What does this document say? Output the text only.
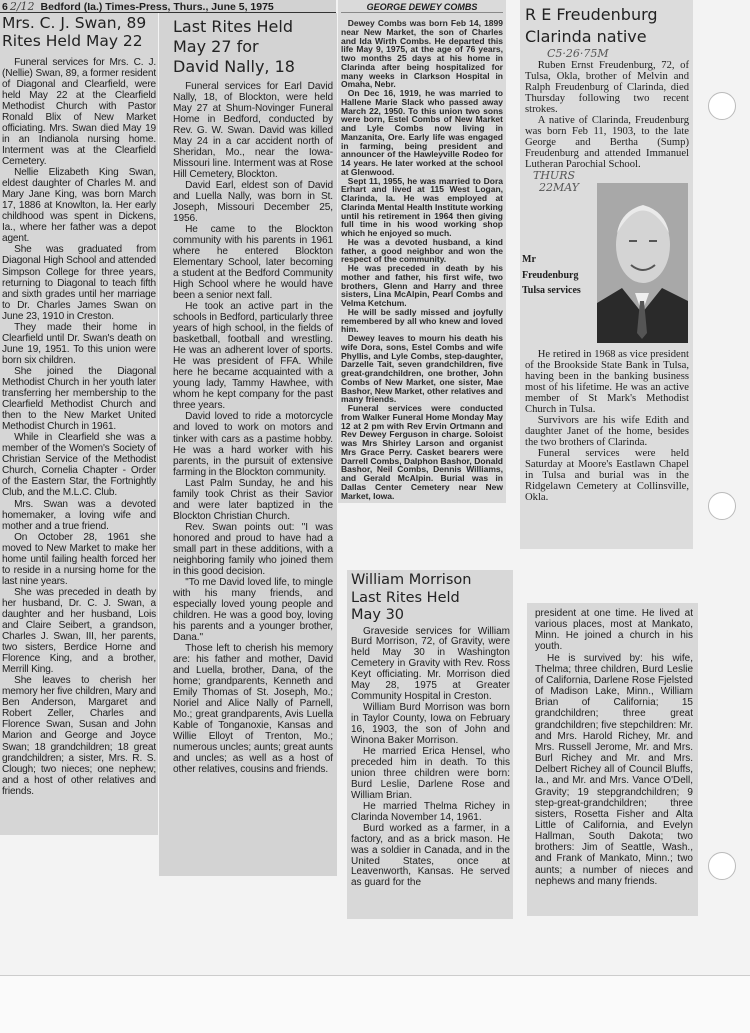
6 2/12 Bedford (Ia.) Times-Press, Thurs., June 5, 1975
Mrs. C. J. Swan, 89
Rites Held May 22

Funeral services for Mrs. C. J. (Nellie) Swan, 89, a former resident of Diagonal and Clearfield, were held May 22 at the Clearfield Methodist Church with Pastor Ronald Blix of New Market officiating. Mrs. Swan died May 19 in an Indianola nursing home. Interment was at the Clearfield Cemetery.

Nellie Elizabeth King Swan, eldest daughter of Charles M. and Mary Jane King, was born March 17, 1886 at Knowlton, Ia. Her early childhood was spent in Dickens, Ia., where her father was a depot agent.

She was graduated from Diagonal High School and attended Simpson College for three years, returning to Diagonal to teach fifth and sixth grades until her marriage to Dr. Charles James Swan on June 23, 1910 in Creston.

They made their home in Clearfield until Dr. Swan's death on June 19, 1951. To this union were born six children.

She joined the Diagonal Methodist Church in her youth later transferring her membership to the Clearfield Methodist Church and then to the New Market United Methodist Church in 1961.

While in Clearfield she was a member of the Women's Society of Christian Service of the Methodist Church, Cornelia Chapter - Order of the Eastern Star, the Fortnightly Club, and the M.L.C. Club.

Mrs. Swan was a devoted homemaker, a loving wife and mother and a true friend.

On October 28, 1961 she moved to New Market to make her home until failing health forced her to reside in a nursing home for the last nine years.

She was preceded in death by her husband, Dr. C. J. Swan, a daughter and her husband, Lois and Claire Seibert, a grandson, Charles J. Swan, III, her parents, two sisters, Berdice Horne and Florence King, and a brother, Merrill King.

She leaves to cherish her memory her five children, Mary and Ben Anderson, Margaret and Robert Zeller, Charles and Florence Swan, Susan and John Marion and George and Joyce Swan; 18 grandchildren; 18 great grandchildren; a sister, Mrs. R. S. Clough; two nieces; one nephew; and a host of other relatives and friends.

Last Rites Held
May 27 for
David Nally, 18

Funeral services for Earl David Nally, 18, of Blockton, were held May 27 at Shum-Novinger Funeral Home in Bedford, conducted by Rev. G. W. Swan. David was killed May 24 in a car accident north of Sheridan, Mo., near the Iowa-Missouri line. Interment was at Rose Hill Cemetery, Blockton.

David Earl, eldest son of David and Luella Nally, was born in St. Joseph, Missouri December 25, 1956.

He came to the Blockton community with his parents in 1961 where he entered Blockton Elementary School, later becoming a student at the Bedford Community High School where he would have been a senior next fall.

He took an active part in the schools in Bedford, particularly three years of high school, in the fields of basketball, football and wrestling. He was an adherent lover of sports. He was president of FFA. While here he became acquainted with a young lady, Tammy Hawhee, with whom he kept company for the past three years.

David loved to ride a motorcycle and loved to work on motors and tinker with cars as a pastime hobby. He was a hard worker with his parents, in the pursuit of extensive farming in the Blockton community.

Last Palm Sunday, he and his family took Christ as their Savior and were later baptized in the Blockton Christian Church.

Rev. Swan points out: ''I was honored and proud to have had a small part in these additions, with a neighboring family who joined them in this good decision.

''To me David loved life, to mingle with his many friends, and especially loved young people and children. He was a good boy, loving his parents and a younger brother, Dana.''

Those left to cherish his memory are: his father and mother, David and Luella, brother, Dana, of the home; grandparents, Kenneth and Emily Thomas of St. Joseph, Mo.; Noriel and Alice Nally of Parnell, Mo.; great grandparents, Avis Luella Kable of Tonganoxie, Kansas and Willie Elloyt of Trenton, Mo.; numerous uncles; aunts; great aunts and uncles; as well as a host of other relatives, cousins and friends.

GEORGE DEWEY COMBS

Dewey Combs was born Feb 14, 1899 near New Market, the son of Charles and Ida Wirth Combs. He departed this life May 9, 1975, at the age of 76 years, two months 25 days at his home in Clarinda after being hospitalized for many weeks in Clarkson Hospital in Omaha, Nebr.

On Dec 16, 1919, he was married to Hallene Marie Slack who passed away March 22, 1950. To this union two sons were born, Estel Combs of New Market and Lyle Combs now living in Manzanita, Ore. Early life was engaged in farming, being president and announcer of the Hawleyville Rodeo for 14 years. He later worked at the school at Glenwood.

Sept 11, 1955, he was married to Dora Erhart and lived at 115 West Logan, Clarinda, Ia. He was employed at Clarinda Mental Health Institute working until his retirement in 1964 then giving full time in his wood working shop which he enjoyed so much.

He was a devoted husband, a kind father, a good neighbor and won the respect of the community.

He was preceded in death by his mother and father, his first wife, two brothers, Glenn and Harry and three sisters, Lina McAlpin, Pearl Combs and Velma Ketchum.

He will be sadly missed and joyfully remembered by all who knew and loved him.

Dewey leaves to mourn his death his wife Dora, sons, Estel Combs and wife Phyllis, and Lyle Combs, step-daughter, Darzelle Tait, seven grandchildren, five great-grandchildren, one brother, John Combs of New Market, one sister, Mae Bashor, New Market, other relatives and many friends.

Funeral services were conducted from Walker Funeral Home Monday May 12 at 2 pm with Rev Ervin Ortmann and Rev Dewey Ferguson in charge. Soloist was Mrs Shirley Larson and organist Mrs Grace Perry. Casket bearers were Darrell Combs, Dalphon Bashor, Donald Bashor, Neil Combs, Dennis Williams, and Gerald McAlpin. Burial was in Dallas Center Cemetery near New Market, Iowa.

R E Freudenburg
Clarinda native
C5·26·75M

Ruben Ernst Freudenburg, 72, of Tulsa, Okla, brother of Melvin and Ralph Freudenburg of Clarinda, died Thursday following two recent strokes.

A native of Clarinda, Freudenburg was born Feb 11, 1903, to the late George and Bertha (Sump) Freudenburg and attended Immanuel Lutheran Parochial School.

THURS
22MAY
Mr
Freudenburg
Tulsa services

He retired in 1968 as vice president of the Brookside State Bank in Tulsa, having been in the banking business most of his lifetime. He was an active member of St Mark's Methodist Church in Tulsa.

Survivors are his wife Edith and daughter Janet of the home, besides the two brothers of Clarinda.

Funeral services were held Saturday at Moore's Eastlawn Chapel in Tulsa and burial was in the Ridgelawn Cemetery at Collinsville, Okla.

William Morrison
Last Rites Held
May 30

Graveside services for William Burd Morrison, 72, of Gravity, were held May 30 in Washington Cemetery in Gravity with Rev. Ross Keyt officiating. Mr. Morrison died May 28, 1975 at Greater Community Hospital in Creston.

William Burd Morrison was born in Taylor County, Iowa on February 16, 1903, the son of John and Winona Baker Morrison.

He married Erica Hensel, who preceded him in death. To this union three children were born: Burd Leslie, Darlene Rose and William Brian.

He married Thelma Richey in Clarinda November 14, 1961.

Burd worked as a farmer, in a factory, and as a brick mason. He was a soldier in Canada, and in the United States, once at Leavenworth, Kansas. He served as guard for the

president at one time. He lived at various places, most at Mankato, Minn. He joined a church in his youth.

He is survived by: his wife, Thelma; three children, Burd Leslie of California, Darlene Rose Fjelsted of Madison Lake, Minn., William Brian of California; 15 grandchildren; three great grandchildren; five stepchildren: Mr. and Mrs. Harold Richey, Mr. and Mrs. Russell Jerome, Mr. and Mrs. Burl Richey and Mr. and Mrs. Delbert Richey all of Council Bluffs, Ia., and Mr. and Mrs. Vance O'Dell, Gravity; 19 stepgrandchildren; 9 step-great-grandchildren; three sisters, Rosetta Fisher and Alta Little of California, and Evelyn Hallman, South Dakota; two brothers: Jim of Seattle, Wash., and Frank of Mankato, Minn.; two aunts; a number of nieces and nephews and many friends.
